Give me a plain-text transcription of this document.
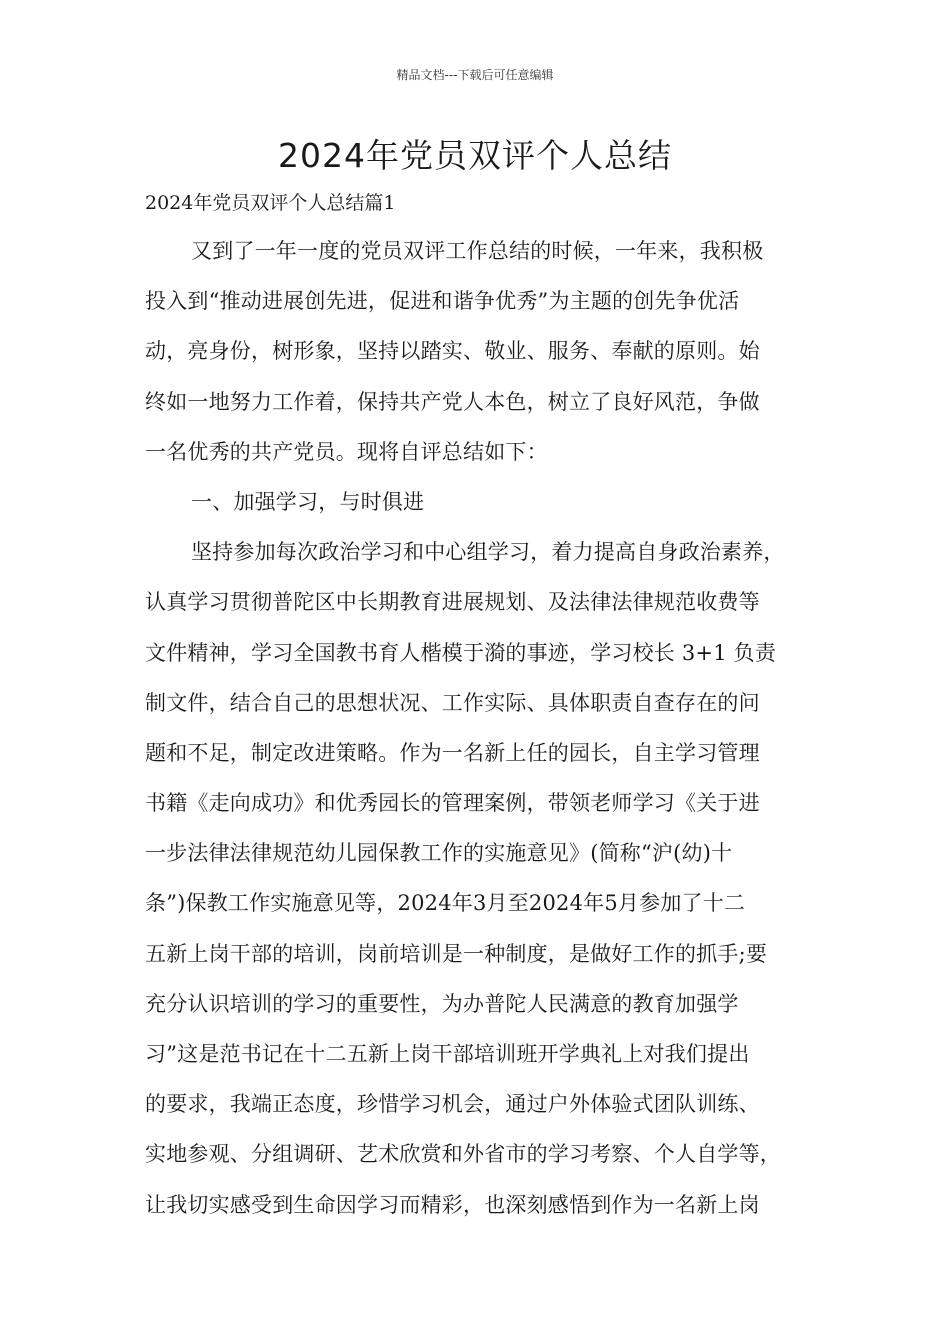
精品文档---下载后可任意编辑
2024年党员双评个人总结
2024年党员双评个人总结篇1
又到了一年一度的党员双评工作总结的时候，一年来，我积极
投入到“推动进展创先进，促进和谐争优秀”为主题的创先争优活
动，亮身份，树形象，坚持以踏实、敬业、服务、奉献的原则。始
终如一地努力工作着，保持共产党人本色，树立了良好风范，争做
一名优秀的共产党员。现将自评总结如下：
一、加强学习，与时俱进
坚持参加每次政治学习和中心组学习，着力提高自身政治素养，
认真学习贯彻普陀区中长期教育进展规划、及法律法律规范收费等
文件精神，学习全国教书育人楷模于漪的事迹，学习校长 3+1 负责
制文件，结合自己的思想状况、工作实际、具体职责自查存在的问
题和不足，制定改进策略。作为一名新上任的园长，自主学习管理
书籍《走向成功》和优秀园长的管理案例，带领老师学习《关于进
一步法律法律规范幼儿园保教工作的实施意见》(简称“沪(幼)十
条”)保教工作实施意见等，2024年3月至2024年5月参加了十二
五新上岗干部的培训，岗前培训是一种制度，是做好工作的抓手;要
充分认识培训的学习的重要性，为办普陀人民满意的教育加强学
习”这是范书记在十二五新上岗干部培训班开学典礼上对我们提出
的要求，我端正态度，珍惜学习机会，通过户外体验式团队训练、
实地参观、分组调研、艺术欣赏和外省市的学习考察、个人自学等，
让我切实感受到生命因学习而精彩，也深刻感悟到作为一名新上岗
